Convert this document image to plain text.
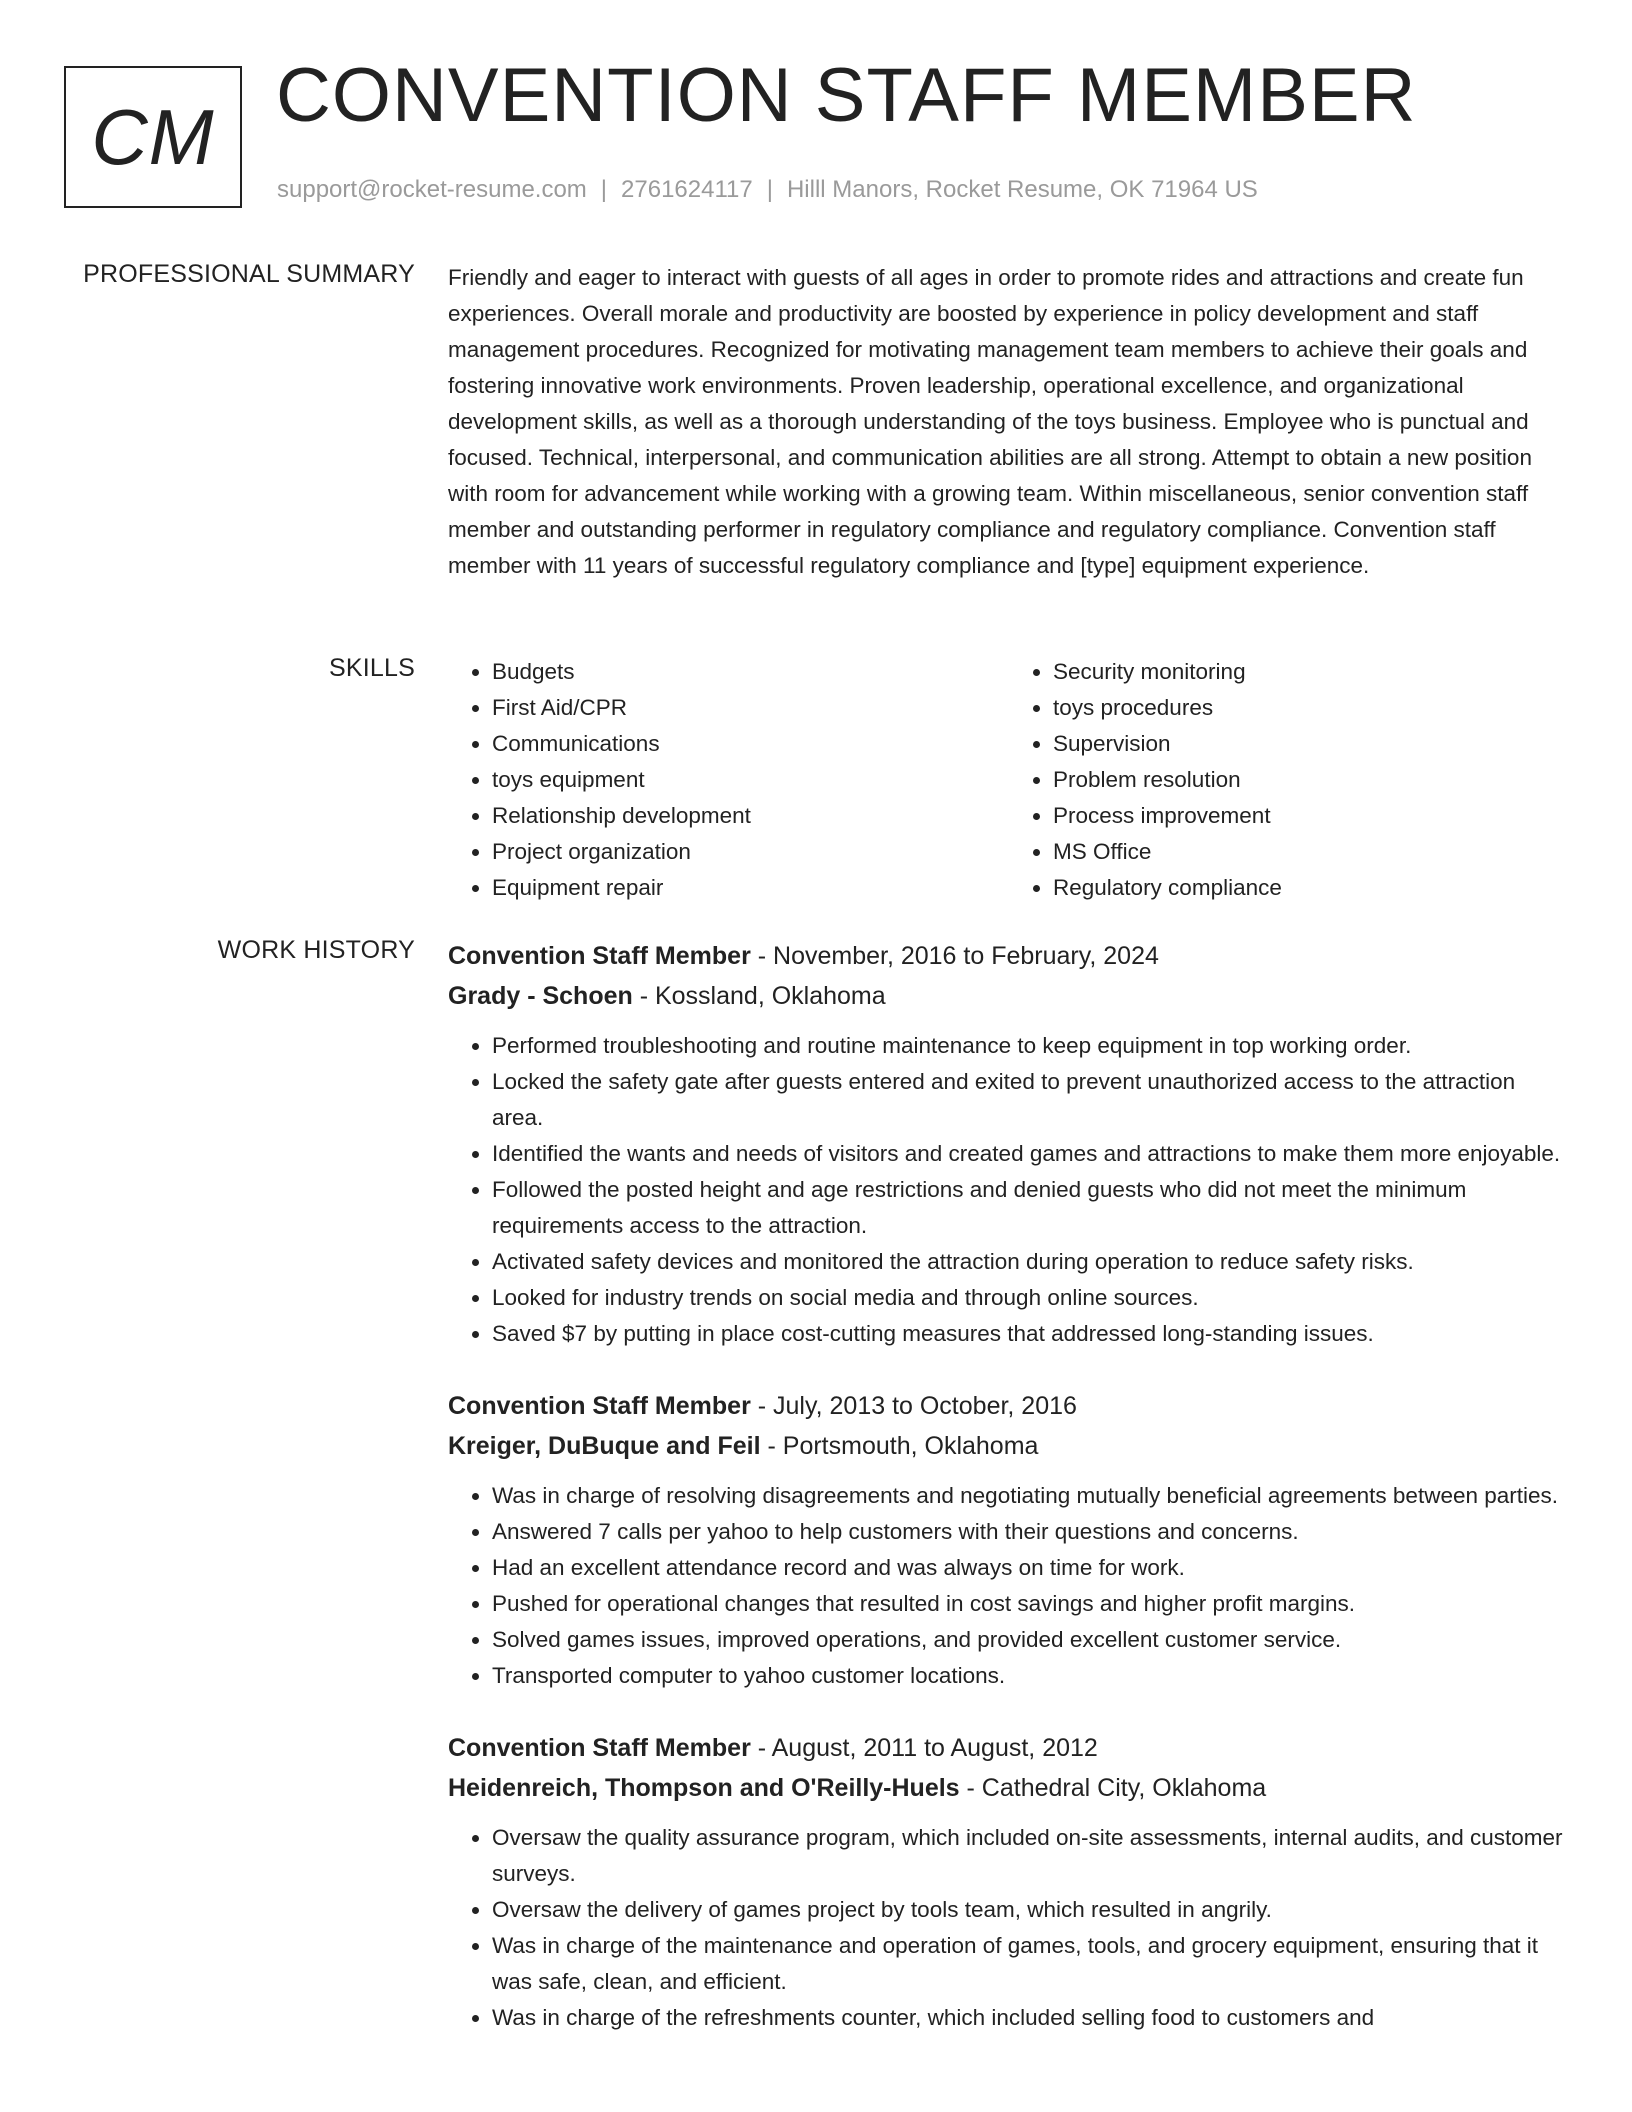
CM CONVENTION STAFF MEMBER
support@rocket-resume.com | 2761624117 | Hilll Manors, Rocket Resume, OK 71964 US
PROFESSIONAL SUMMARY Friendly and eager to interact with guests of all ages in order to promote rides and attractions and create fun experiences. Overall morale and productivity are boosted by experience in policy development and staff management procedures. Recognized for motivating management team members to achieve their goals and fostering innovative work environments. Proven leadership, operational excellence, and organizational development skills, as well as a thorough understanding of the toys business. Employee who is punctual and focused. Technical, interpersonal, and communication abilities are all strong. Attempt to obtain a new position with room for advancement while working with a growing team. Within miscellaneous, senior convention staff member and outstanding performer in regulatory compliance and regulatory compliance. Convention staff member with 11 years of successful regulatory compliance and [type] equipment experience.

SKILLS
•	Budgets
• First Aid/CPR
• Communications
• toys equipment
• Relationship development
• Project organization
• Equipment repair
• Security monitoring
• toys procedures
• Supervision
• Problem resolution
• Process improvement
• MS Office
• Regulatory compliance
WORK HISTORY Convention Staff Member - November, 2016 to February, 2024
Grady - Schoen - Kossland, Oklahoma
• Performed troubleshooting and routine maintenance to keep equipment in top working order.
• Locked the safety gate after guests entered and exited to prevent unauthorized access to the attraction area.
• Identified the wants and needs of visitors and created games and attractions to make them more enjoyable.
• Followed the posted height and age restrictions and denied guests who did not meet the minimum requirements access to the attraction.
• Activated safety devices and monitored the attraction during operation to reduce safety risks.
• Looked for industry trends on social media and through online sources.
• Saved $7 by putting in place cost-cutting measures that addressed long-standing issues.
Convention Staff Member - July, 2013 to October, 2016
Kreiger, DuBuque and Feil - Portsmouth, Oklahoma
• Was in charge of resolving disagreements and negotiating mutually beneficial agreements between parties.
• Answered 7 calls per yahoo to help customers with their questions and concerns.
• Had an excellent attendance record and was always on time for work.
• Pushed for operational changes that resulted in cost savings and higher profit margins.
• Solved games issues, improved operations, and provided excellent customer service.
• Transported computer to yahoo customer locations.
Convention Staff Member - August, 2011 to August, 2012
Heidenreich, Thompson and O'Reilly-Huels - Cathedral City, Oklahoma
• Oversaw the quality assurance program, which included on-site assessments, internal audits, and customer surveys.
• Oversaw the delivery of games project by tools team, which resulted in angrily.
• Was in charge of the maintenance and operation of games, tools, and grocery equipment, ensuring that it was safe, clean, and efficient.
• Was in charge of the refreshments counter, which included selling food to customers and
